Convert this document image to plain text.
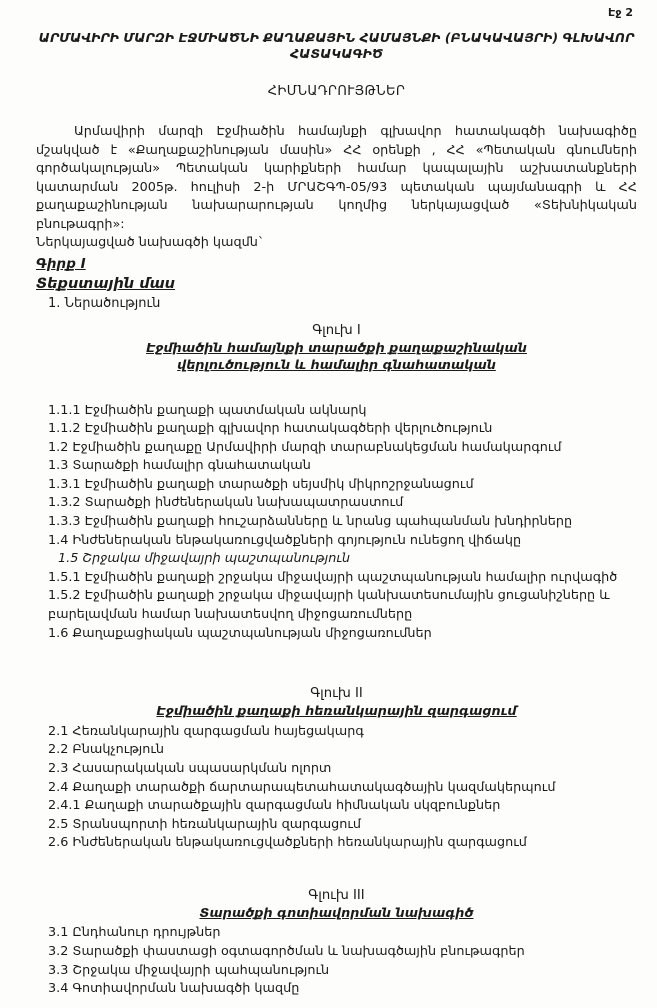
Էջ 2
ԱՐՄԱՎԻՐԻ ՄԱՐԶԻ ԷՋՄԻԱԾՆԻ ՔԱՂԱՔԱՅԻՆ ՀԱՄԱՅՆՔԻ (ԲՆԱԿԱՎԱՅՐԻ) ԳԼԽԱՎՈՐ ՀԱՏԱԿԱԳԻԾ
ՀԻՄՆԱԴՐՈՒՅԹՆԵՐ

Արմավիրի մարզի Էջմիածին համայնքի գլխավոր հատակագծի նախագիծը մշակված է «Քաղաքաշինության մասին» ՀՀ օրենքի , ՀՀ «Պետական գնումների գործակալության» Պետական կարիքների համար կապալային աշխատանքների կատարման 2005թ. հուլիսի 2-ի ՄՐԱՇԳՊ-05/93 պետական պայմանագրի և ՀՀ քաղաքաշինության նախարարության կողմից ներկայացված «Տեխնիկական բնութագրի»:

Ներկայացված նախագծի կազմն`
Գիրք I
Տեքստային մաս
1. Ներածություն
Գլուխ I
Էջմիածին համայնքի տարածքի քաղաքաշինական վերլուծություն և համալիր գնահատական
1.1.1 Էջմիածին քաղաքի պատմական ակնարկ
1.1.2 Էջմիածին քաղաքի գլխավոր հատակագծերի վերլուծություն
1.2 Էջմիածին քաղաքը Արմավիրի մարզի տարաբնակեցման համակարգում
1.3 Տարածքի համալիր գնահատական
1.3.1 Էջմիածին քաղաքի տարածքի սեյսմիկ միկրոշրջանացում
1.3.2 Տարածքի ինժեներական նախապատրաստում
1.3.3 Էջմիածին քաղաքի հուշարձանները և նրանց պահպանման խնդիրները
1.4 Ինժեներական ենթակառուցվածքների գոյություն ունեցող վիճակը
1.5 Շրջակա միջավայրի պաշտպանություն
1.5.1 Էջմիածին քաղաքի շրջակա միջավայրի պաշտպանության համալիր ուրվագիծ
1.5.2 Էջմիածին քաղաքի շրջակա միջավայրի կանխատեսումային ցուցանիշները և բարելավման համար նախատեսվող միջոցառումները
1.6 Քաղաքացիական պաշտպանության միջոցառումներ
Գլուխ II
Էջմիածին քաղաքի հեռանկարային զարգացում
2.1 Հեռանկարային զարգացման հայեցակարգ
2.2 Բնակչություն
2.3 Հասարակական սպասարկման ոլորտ
2.4 Քաղաքի տարածքի ճարտարապետահատակագծային կազմակերպում
2.4.1 Քաղաքի տարածքային զարգացման հիմնական սկզբունքներ
2.5 Տրանսպորտի հեռանկարային զարգացում
2.6 Ինժեներական ենթակառուցվածքների հեռանկարային զարգացում
Գլուխ III
Տարածքի գոտիավորման նախագիծ
3.1 Ընդհանուր դրույթներ
3.2 Տարածքի փաստացի օգտագործման և նախագծային բնութագրեր
3.3 Շրջակա միջավայրի պահպանություն
3.4 Գոտիավորման նախագծի կազմը
